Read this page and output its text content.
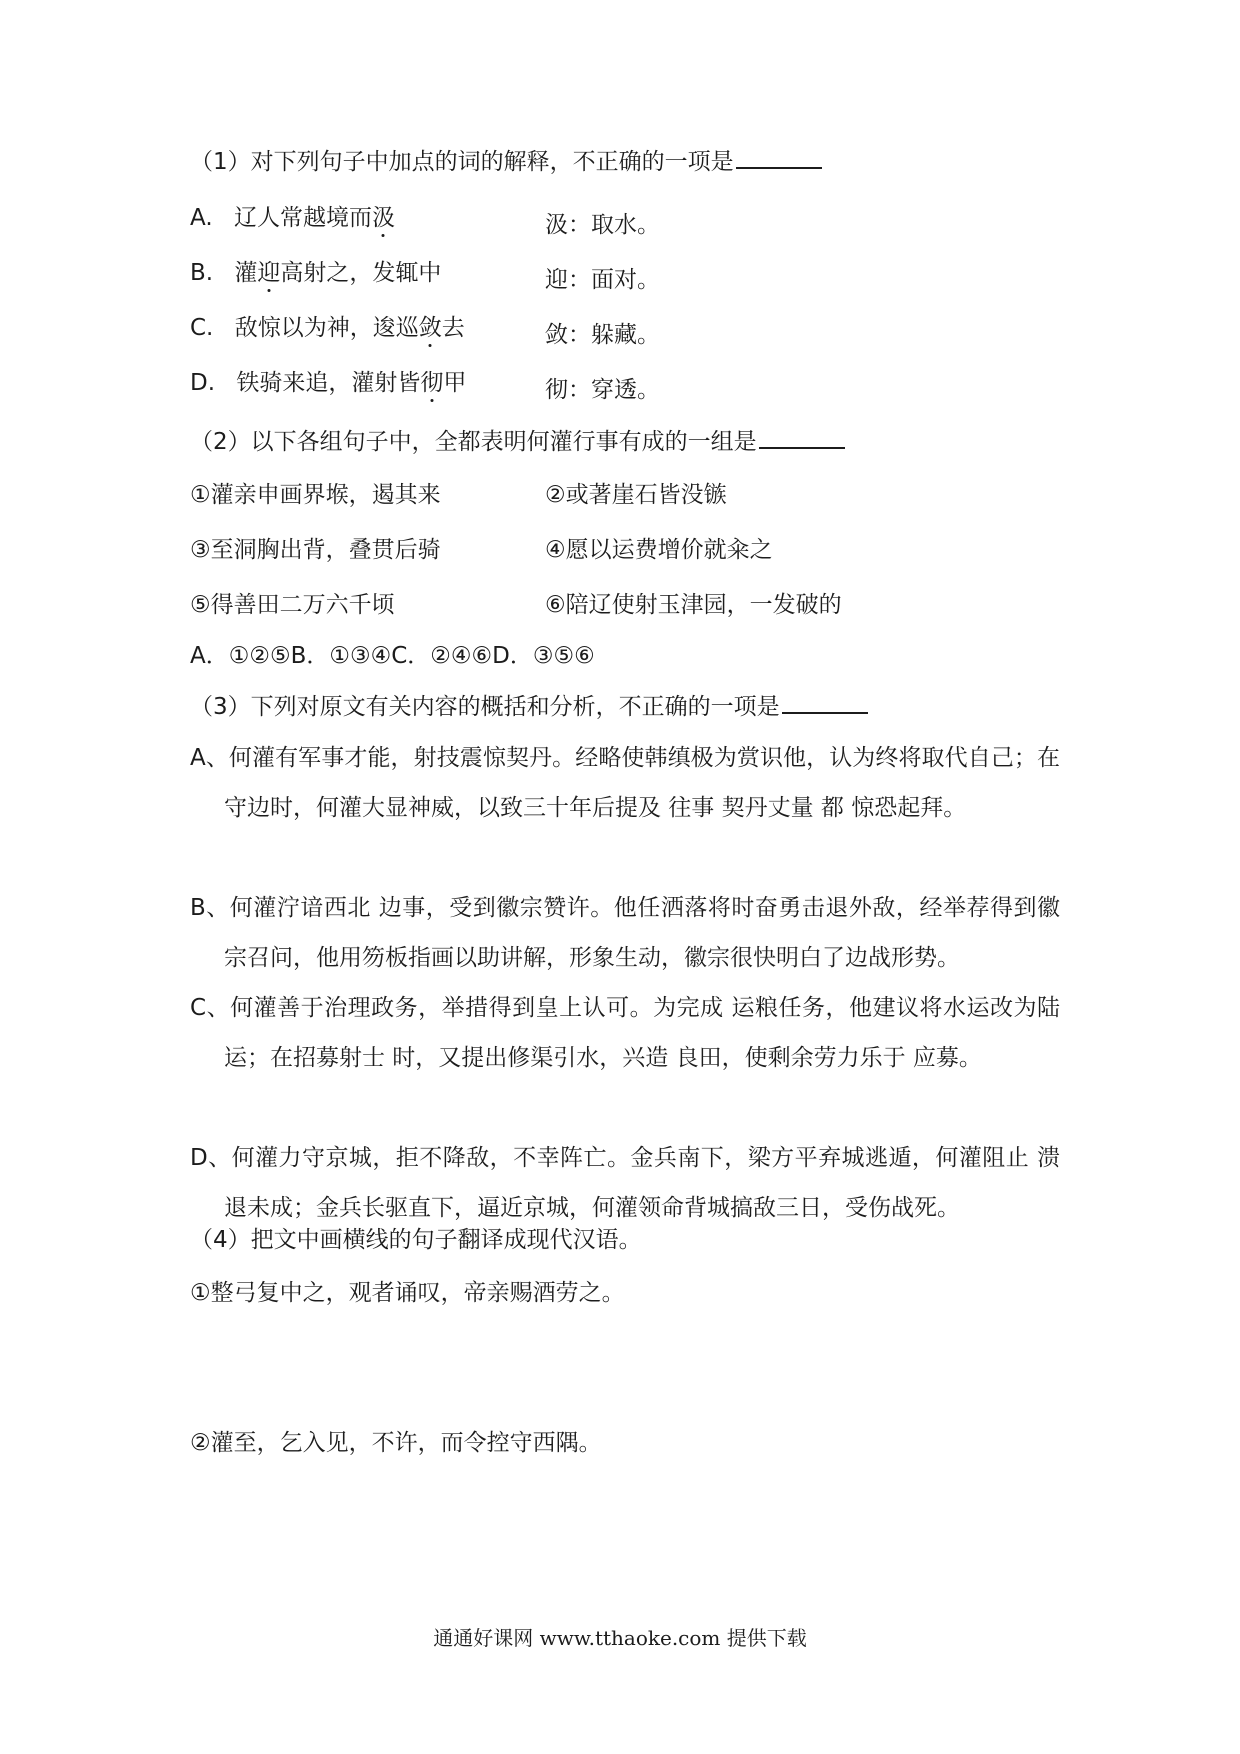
（1）对下列句子中加点的词的解释，不正确的一项是
A. 辽人常越境而汲	汲：取水。
B. 灌迎高射之，发辄中	迎：面对。
C. 敌惊以为神，逡巡敛去	敛：躲藏。
D. 铁骑来追，灌射皆彻甲	彻：穿透。
（2）以下各组句子中，全都表明何灌行事有成的一组是
①灌亲申画界堠，遏其来	②或著崖石皆没镞
③至洞胸出背，叠贯后骑	④愿以运费增价就籴之
⑤得善田二万六千顷	⑥陪辽使射玉津园，一发破的
A．①②⑤B．①③④C．②④⑥D．③⑤⑥
（3）下列对原文有关内容的概括和分析，不正确的一项是
A、何灌有军事才能，射技震惊契丹。经略使韩缜极为赏识他，认为终将取代自己；在守边时，何灌大显神威，以致三十年后提及 往事 契丹丈量 都 惊恐起拜。
B、何灌泞谙西北 边事，受到徽宗赞许。他任洒落将时奋勇击退外敌，经举荐得到徽宗召问，他用笏板指画以助讲解，形象生动，徽宗很快明白了边战形势。
C、何灌善于治理政务，举措得到皇上认可。为完成 运粮任务，他建议将水运改为陆运；在招募射士 时，又提出修渠引水，兴造 良田，使剩余劳力乐于 应募。
D、何灌力守京城，拒不降敌，不幸阵亡。金兵南下，梁方平弃城逃遁，何灌阻止 溃退未成；金兵长驱直下，逼近京城，何灌领命背城搞敌三日，受伤战死。
（4）把文中画横线的句子翻译成现代汉语。
①整弓复中之，观者诵叹，帝亲赐酒劳之。
②灌至，乞入见，不许，而令控守西隅。
通通好课网 www.tthaoke.com 提供下载
